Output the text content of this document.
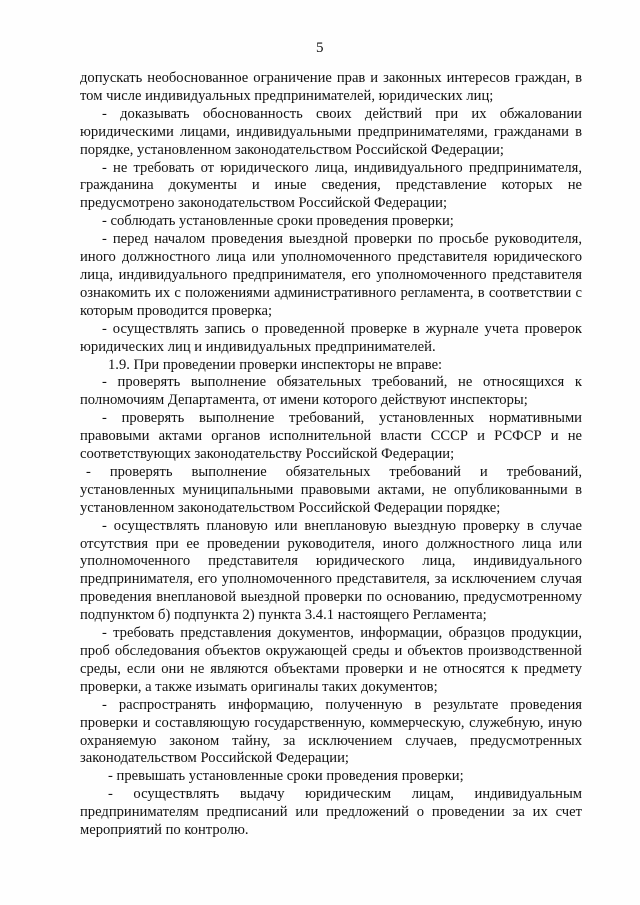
5

допускать необоснованное ограничение прав и законных интересов граждан, в том числе индивидуальных предпринимателей, юридических лиц;

- доказывать обоснованность своих действий при их обжаловании юридическими лицами, индивидуальными предпринимателями, гражданами в порядке, установленном законодательством Российской Федерации;

- не требовать от юридического лица, индивидуального предпринимателя, гражданина документы и иные сведения, представление которых не предусмотрено законодательством Российской Федерации;

- соблюдать установленные сроки проведения проверки;

- перед началом проведения выездной проверки по просьбе руководителя, иного должностного лица или уполномоченного представителя юридического лица, индивидуального предпринимателя, его уполномоченного представителя ознакомить их с положениями административного регламента, в соответствии с которым проводится проверка;

- осуществлять запись о проведенной проверке в журнале учета проверок юридических лиц и индивидуальных предпринимателей.

1.9. При проведении проверки инспекторы не вправе:

- проверять выполнение обязательных требований, не относящихся к полномочиям Департамента, от имени которого действуют инспекторы;

- проверять выполнение требований, установленных нормативными правовыми актами органов исполнительной власти СССР и РСФСР и не соответствующих законодательству Российской Федерации;

- проверять выполнение обязательных требований и требований, установленных муниципальными правовыми актами, не опубликованными в установленном законодательством Российской Федерации порядке;

- осуществлять плановую или внеплановую выездную проверку в случае отсутствия при ее проведении руководителя, иного должностного лица или уполномоченного представителя юридического лица, индивидуального предпринимателя, его уполномоченного представителя, за исключением случая проведения внеплановой выездной проверки по основанию, предусмотренному подпунктом б) подпункта 2) пункта 3.4.1 настоящего Регламента;

- требовать представления документов, информации, образцов продукции, проб обследования объектов окружающей среды и объектов производственной среды, если они не являются объектами проверки и не относятся к предмету проверки, а также изымать оригиналы таких документов;

- распространять информацию, полученную в результате проведения проверки и составляющую государственную, коммерческую, служебную, иную охраняемую законом тайну, за исключением случаев, предусмотренных законодательством Российской Федерации;

- превышать установленные сроки проведения проверки;

- осуществлять выдачу юридическим лицам, индивидуальным предпринимателям предписаний или предложений о проведении за их счет мероприятий по контролю.
